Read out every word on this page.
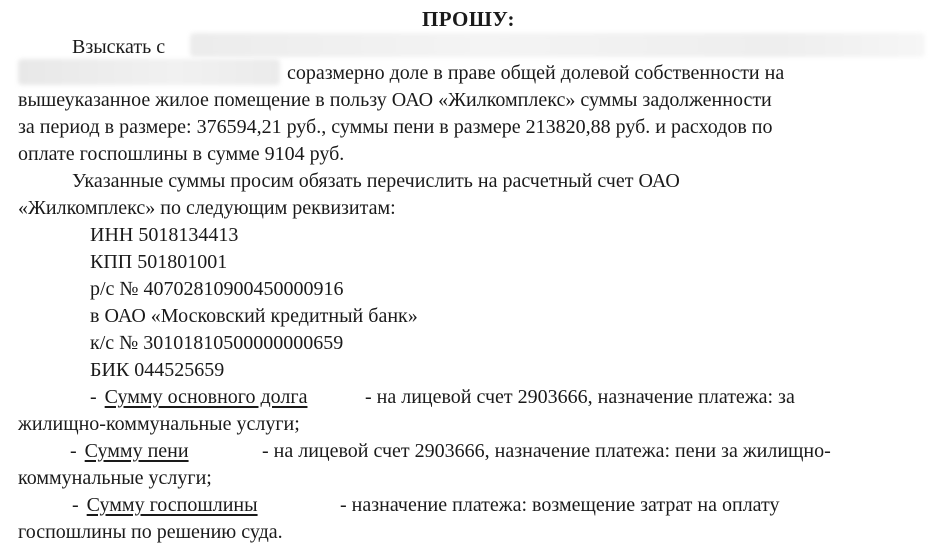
ПРОШУ:
Взыскать с
соразмерно доле в праве общей долевой собственности на
вышеуказанное жилое помещение в пользу ОАО «Жилкомплекс» суммы задолженности
за период в размере: 376594,21 руб., суммы пени в размере 213820,88 руб. и расходов по
оплате госпошлины в сумме 9104 руб.
Указанные суммы просим обязать перечислить на расчетный счет ОАО
«Жилкомплекс» по следующим реквизитам:
ИНН 5018134413
КПП 501801001
р/с № 40702810900450000916
в ОАО «Московский кредитный банк»
к/с № 30101810500000000659
БИК 044525659
- Сумму основного долга	- на лицевой счет 2903666, назначение платежа: за
жилищно-коммунальные услуги;
- Сумму пени	- на лицевой счет 2903666, назначение платежа: пени за жилищно-
коммунальные услуги;
- Сумму госпошлины	- назначение платежа: возмещение затрат на оплату
госпошлины по решению суда.
